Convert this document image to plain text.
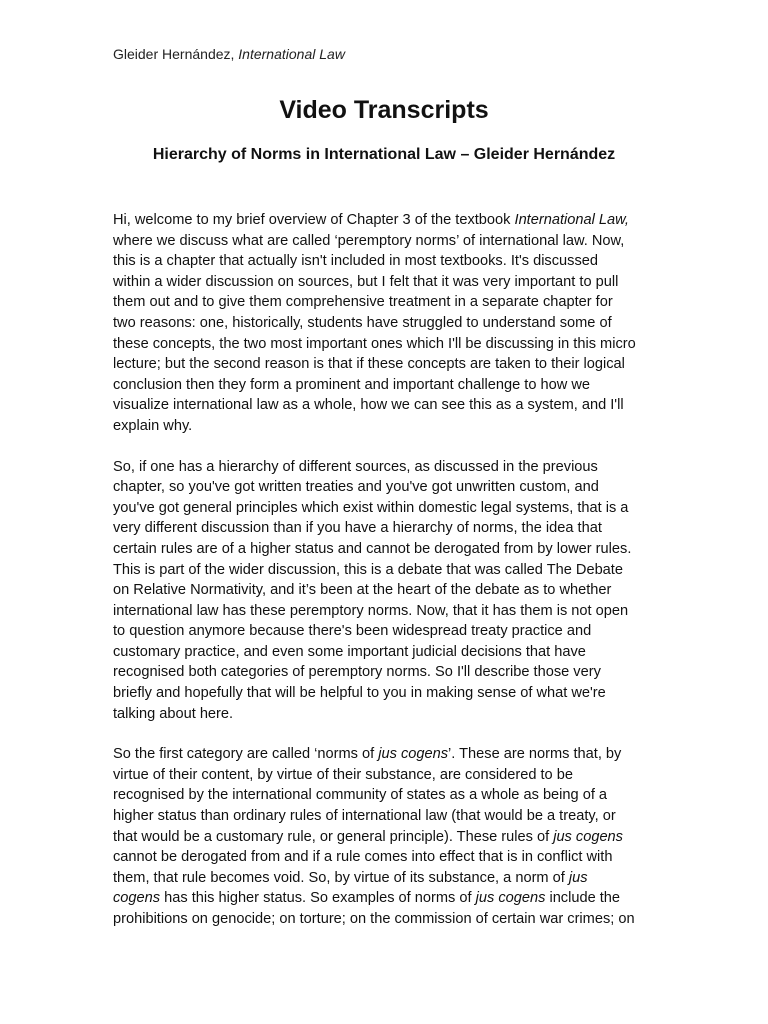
Gleider Hernández, International Law
Video Transcripts
Hierarchy of Norms in International Law – Gleider Hernández

Hi, welcome to my brief overview of Chapter 3 of the textbook International Law,
where we discuss what are called ‘peremptory norms’ of international law. Now,
this is a chapter that actually isn't included in most textbooks. It's discussed
within a wider discussion on sources, but I felt that it was very important to pull
them out and to give them comprehensive treatment in a separate chapter for
two reasons: one, historically, students have struggled to understand some of
these concepts, the two most important ones which I'll be discussing in this micro
lecture; but the second reason is that if these concepts are taken to their logical
conclusion then they form a prominent and important challenge to how we
visualize international law as a whole, how we can see this as a system, and I'll
explain why.

So, if one has a hierarchy of different sources, as discussed in the previous
chapter, so you've got written treaties and you've got unwritten custom, and
you've got general principles which exist within domestic legal systems, that is a
very different discussion than if you have a hierarchy of norms, the idea that
certain rules are of a higher status and cannot be derogated from by lower rules.
This is part of the wider discussion, this is a debate that was called The Debate
on Relative Normativity, and it’s been at the heart of the debate as to whether
international law has these peremptory norms. Now, that it has them is not open
to question anymore because there's been widespread treaty practice and
customary practice, and even some important judicial decisions that have
recognised both categories of peremptory norms. So I'll describe those very
briefly and hopefully that will be helpful to you in making sense of what we're
talking about here.

So the first category are called ‘norms of jus cogens’. These are norms that, by
virtue of their content, by virtue of their substance, are considered to be
recognised by the international community of states as a whole as being of a
higher status than ordinary rules of international law (that would be a treaty, or
that would be a customary rule, or general principle). These rules of jus cogens
cannot be derogated from and if a rule comes into effect that is in conflict with
them, that rule becomes void. So, by virtue of its substance, a norm of jus
cogens has this higher status. So examples of norms of jus cogens include the
prohibitions on genocide; on torture; on the commission of certain war crimes; on
